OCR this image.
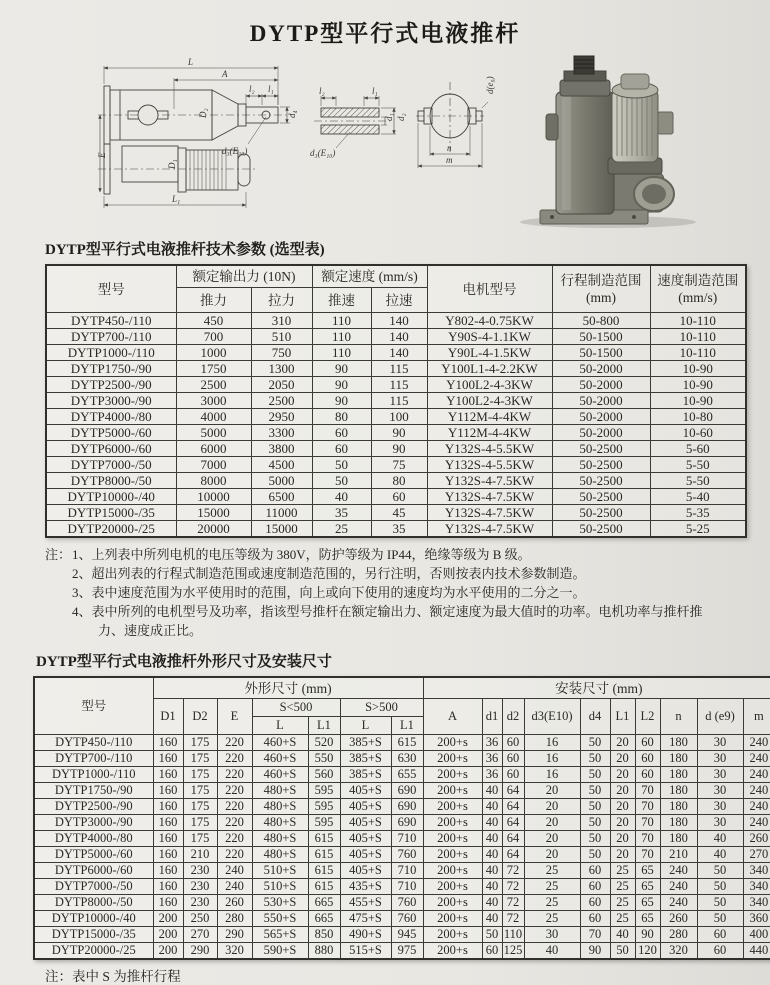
DYTP型平行式电液推杆
L
A
l₂ l₁
D₂	d₄
d₃(E₁₀)
E
D₁
L₁
l₂	l₁
d₃(E₁₀)
d₁ d₂
n
m
d(e₉)
DYTP型平行式电液推杆技术参数 (选型表)
型号	额定输出力 (10N)		额定速度 (mm/s)		电机型号	行程制造范围 (mm)	速度制造范围 (mm/s)
	推力	拉力	推速	拉速			
DYTP450-/110	450	310	110	140	Y802-4-0.75KW	50-800	10-110
DYTP700-/110	700	510	110	140	Y90S-4-1.1KW	50-1500	10-110
DYTP1000-/110	1000	750	110	140	Y90L-4-1.5KW	50-1500	10-110
DYTP1750-/90	1750	1300	90	115	Y100L1-4-2.2KW	50-2000	10-90
DYTP2500-/90	2500	2050	90	115	Y100L2-4-3KW	50-2000	10-90
DYTP3000-/90	3000	2500	90	115	Y100L2-4-3KW	50-2000	10-90
DYTP4000-/80	4000	2950	80	100	Y112M-4-4KW	50-2000	10-80
DYTP5000-/60	5000	3300	60	90	Y112M-4-4KW	50-2000	10-60
DYTP6000-/60	6000	3800	60	90	Y132S-4-5.5KW	50-2500	5-60
DYTP7000-/50	7000	4500	50	75	Y132S-4-5.5KW	50-2500	5-50
DYTP8000-/50	8000	5000	50	80	Y132S-4-7.5KW	50-2500	5-50
DYTP10000-/40	10000	6500	40	60	Y132S-4-7.5KW	50-2500	5-40
DYTP15000-/35	15000	11000	35	45	Y132S-4-7.5KW	50-2500	5-35
DYTP20000-/25	20000	15000	25	35	Y132S-4-7.5KW	50-2500	5-25
注： 1、上列表中所列电机的电压等级为 380V，防护等级为 IP44，绝缘等级为 B 级。
2、超出列表的行程式制造范围或速度制造范围的，另行注明，否则按表内技术参数制造。
3、表中速度范围为水平使用时的范围，向上或向下使用的速度均为水平使用的二分之一。
4、表中所列的电机型号及功率，指该型号推杆在额定输出力、额定速度为最大值时的功率。电机功率与推杆推力、速度成正比。
DYTP型平行式电液推杆外形尺寸及安装尺寸
型号	外形尺寸 (mm)							安装尺寸 (mm)									
	D1	D2	E	S<500		S>500		A	d1	d2	d3(E10)	d4	L1	L2	n	d (e9)	m
				L	L1	L	L1										
DYTP450-/110	160	175	220	460+S	520	385+S	615	200+s	36	60	16	50	20	60	180	30	240
DYTP700-/110	160	175	220	460+S	550	385+S	630	200+s	36	60	16	50	20	60	180	30	240
DYTP1000-/110	160	175	220	460+S	560	385+S	655	200+s	36	60	16	50	20	60	180	30	240
DYTP1750-/90	160	175	220	480+S	595	405+S	690	200+s	40	64	20	50	20	70	180	30	240
DYTP2500-/90	160	175	220	480+S	595	405+S	690	200+s	40	64	20	50	20	70	180	30	240
DYTP3000-/90	160	175	220	480+S	595	405+S	690	200+s	40	64	20	50	20	70	180	30	240
DYTP4000-/80	160	175	220	480+S	615	405+S	710	200+s	40	64	20	50	20	70	180	40	260
DYTP5000-/60	160	210	220	480+S	615	405+S	760	200+s	40	64	20	50	20	70	210	40	270
DYTP6000-/60	160	230	240	510+S	615	405+S	710	200+s	40	72	25	60	25	65	240	50	340
DYTP7000-/50	160	230	240	510+S	615	435+S	710	200+s	40	72	25	60	25	65	240	50	340
DYTP8000-/50	160	230	260	530+S	665	455+S	760	200+s	40	72	25	60	25	65	240	50	340
DYTP10000-/40	200	250	280	550+S	665	475+S	760	200+s	40	72	25	60	25	65	260	50	360
DYTP15000-/35	200	270	290	565+S	850	490+S	945	200+s	50	110	30	70	40	90	280	60	400
DYTP20000-/25	200	290	320	590+S	880	515+S	975	200+s	60	125	40	90	50	120	320	60	440
注：表中 S 为推杆行程
